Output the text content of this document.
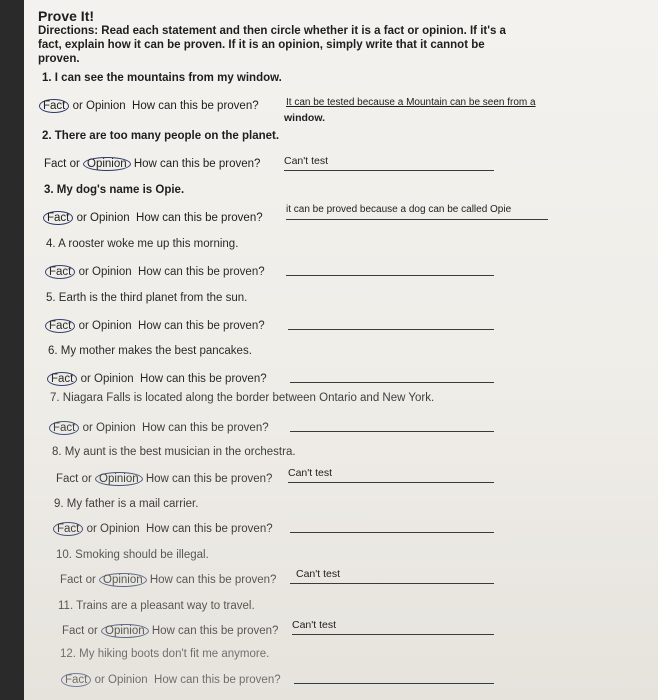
Prove It!
Directions: Read each statement and then circle whether it is a fact or opinion. If it's a fact, explain how it can be proven. If it is an opinion, simply write that it cannot be proven.
1. I can see the mountains from my window.
Fact or Opinion How can this be proven?	It can be tested because a Mountain can be seen from a
window.
2. There are too many people on the planet.
Fact or Opinion How can this be proven? Can't test
3. My dog's name is Opie.
Fact or Opinion How can this be proven?
it can be proved because a dog can be called Opie
4. A rooster woke me up this morning.
Fact or Opinion How can this be proven?
5. Earth is the third planet from the sun.
Fact or Opinion How can this be proven?
6. My mother makes the best pancakes.
Fact or Opinion How can this be proven?
7. Niagara Falls is located along the border between Ontario and New York.
Fact or Opinion How can this be proven?
8. My aunt is the best musician in the orchestra.
Fact or Opinion How can this be proven? Can't test
9. My father is a mail carrier.
Fact or Opinion How can this be proven?
10. Smoking should be illegal.
Fact or Opinion How can this be proven?	Can't test
11. Trains are a pleasant way to travel.
Fact or Opinion How can this be proven? Can't test
12. My hiking boots don't fit me anymore.
Fact or Opinion How can this be proven?
